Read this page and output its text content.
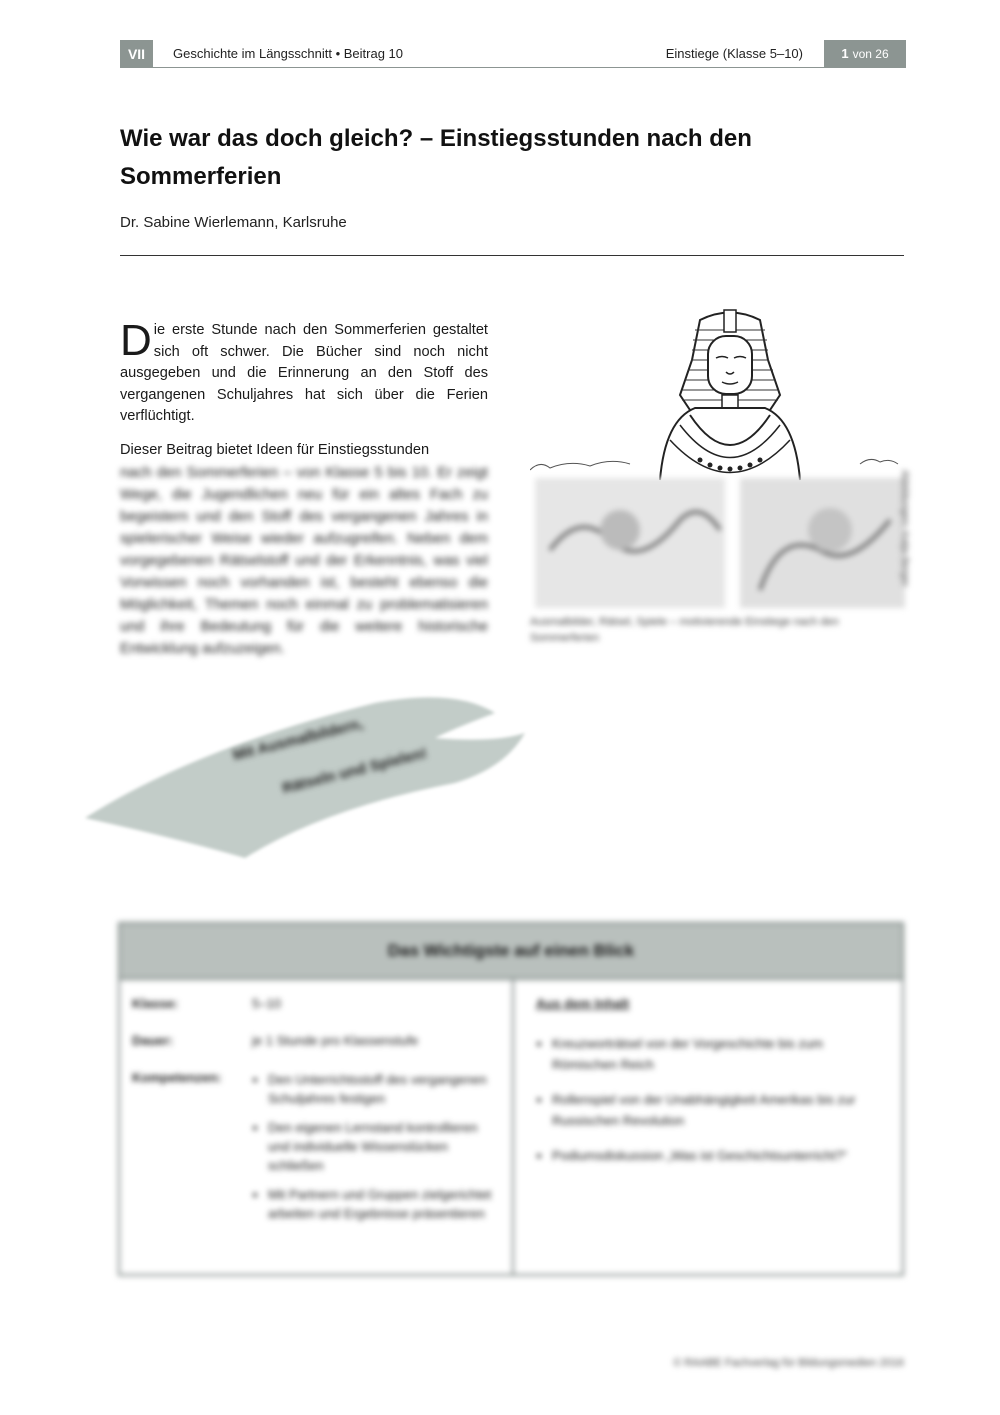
VII	Geschichte im Längsschnitt • Beitrag 10	Einstiege (Klasse 5–10)	1 von 26
Wie war das doch gleich? – Einstiegsstunden nach den Sommerferien
Dr. Sabine Wierlemann, Karlsruhe

Die erste Stunde nach den Sommerferien gestaltet sich oft schwer. Die Bücher sind noch nicht ausgegeben und die Erinnerung an den Stoff des vergangenen Schuljahres hat sich über die Ferien verflüchtigt.

Dieser Beitrag bietet Ideen für Einstiegsstunden

nach den Sommerferien – von Klasse 5 bis 10. Er zeigt Wege, die Jugendlichen neu für ein altes Fach zu begeistern und den Stoff des vergangenen Jahres in spielerischer Weise wieder aufzugreifen. Neben dem vorgegebenen Rätselstoff und der Erkenntnis, was viel Vorwissen noch vorhanden ist, besteht ebenso die Möglichkeit, Themen noch einmal zu problematisieren und ihre Bedeutung für die weitere historische Entwicklung aufzuzeigen.
Abbildungen: Katja Berger
Ausmalbilder, Rätsel, Spiele – motivierende Einstiege nach den Sommerferien
Mit Ausmalbildern,
Rätseln und Spielen!
Das Wichtigste auf einen Blick
Klasse:	5–10
Dauer:	je 1 Stunde pro Klassenstufe
Kompetenzen:
•	Den Unterrichtsstoff des vergangenen Schuljahres festigen
• Den eigenen Lernstand kontrollieren und individuelle Wissenslücken schließen
• Mit Partnern und Gruppen zielgerichtet arbeiten und Ergebnisse präsentieren
Aus dem Inhalt
• Kreuzworträtsel von der Vorgeschichte bis zum Römischen Reich
• Rollenspiel von der Unabhängigkeit Amerikas bis zur Russischen Revolution
• Podiumsdiskussion „Was ist Geschichtsunterricht?“
© RAABE Fachverlag für Bildungsmedien 2016
